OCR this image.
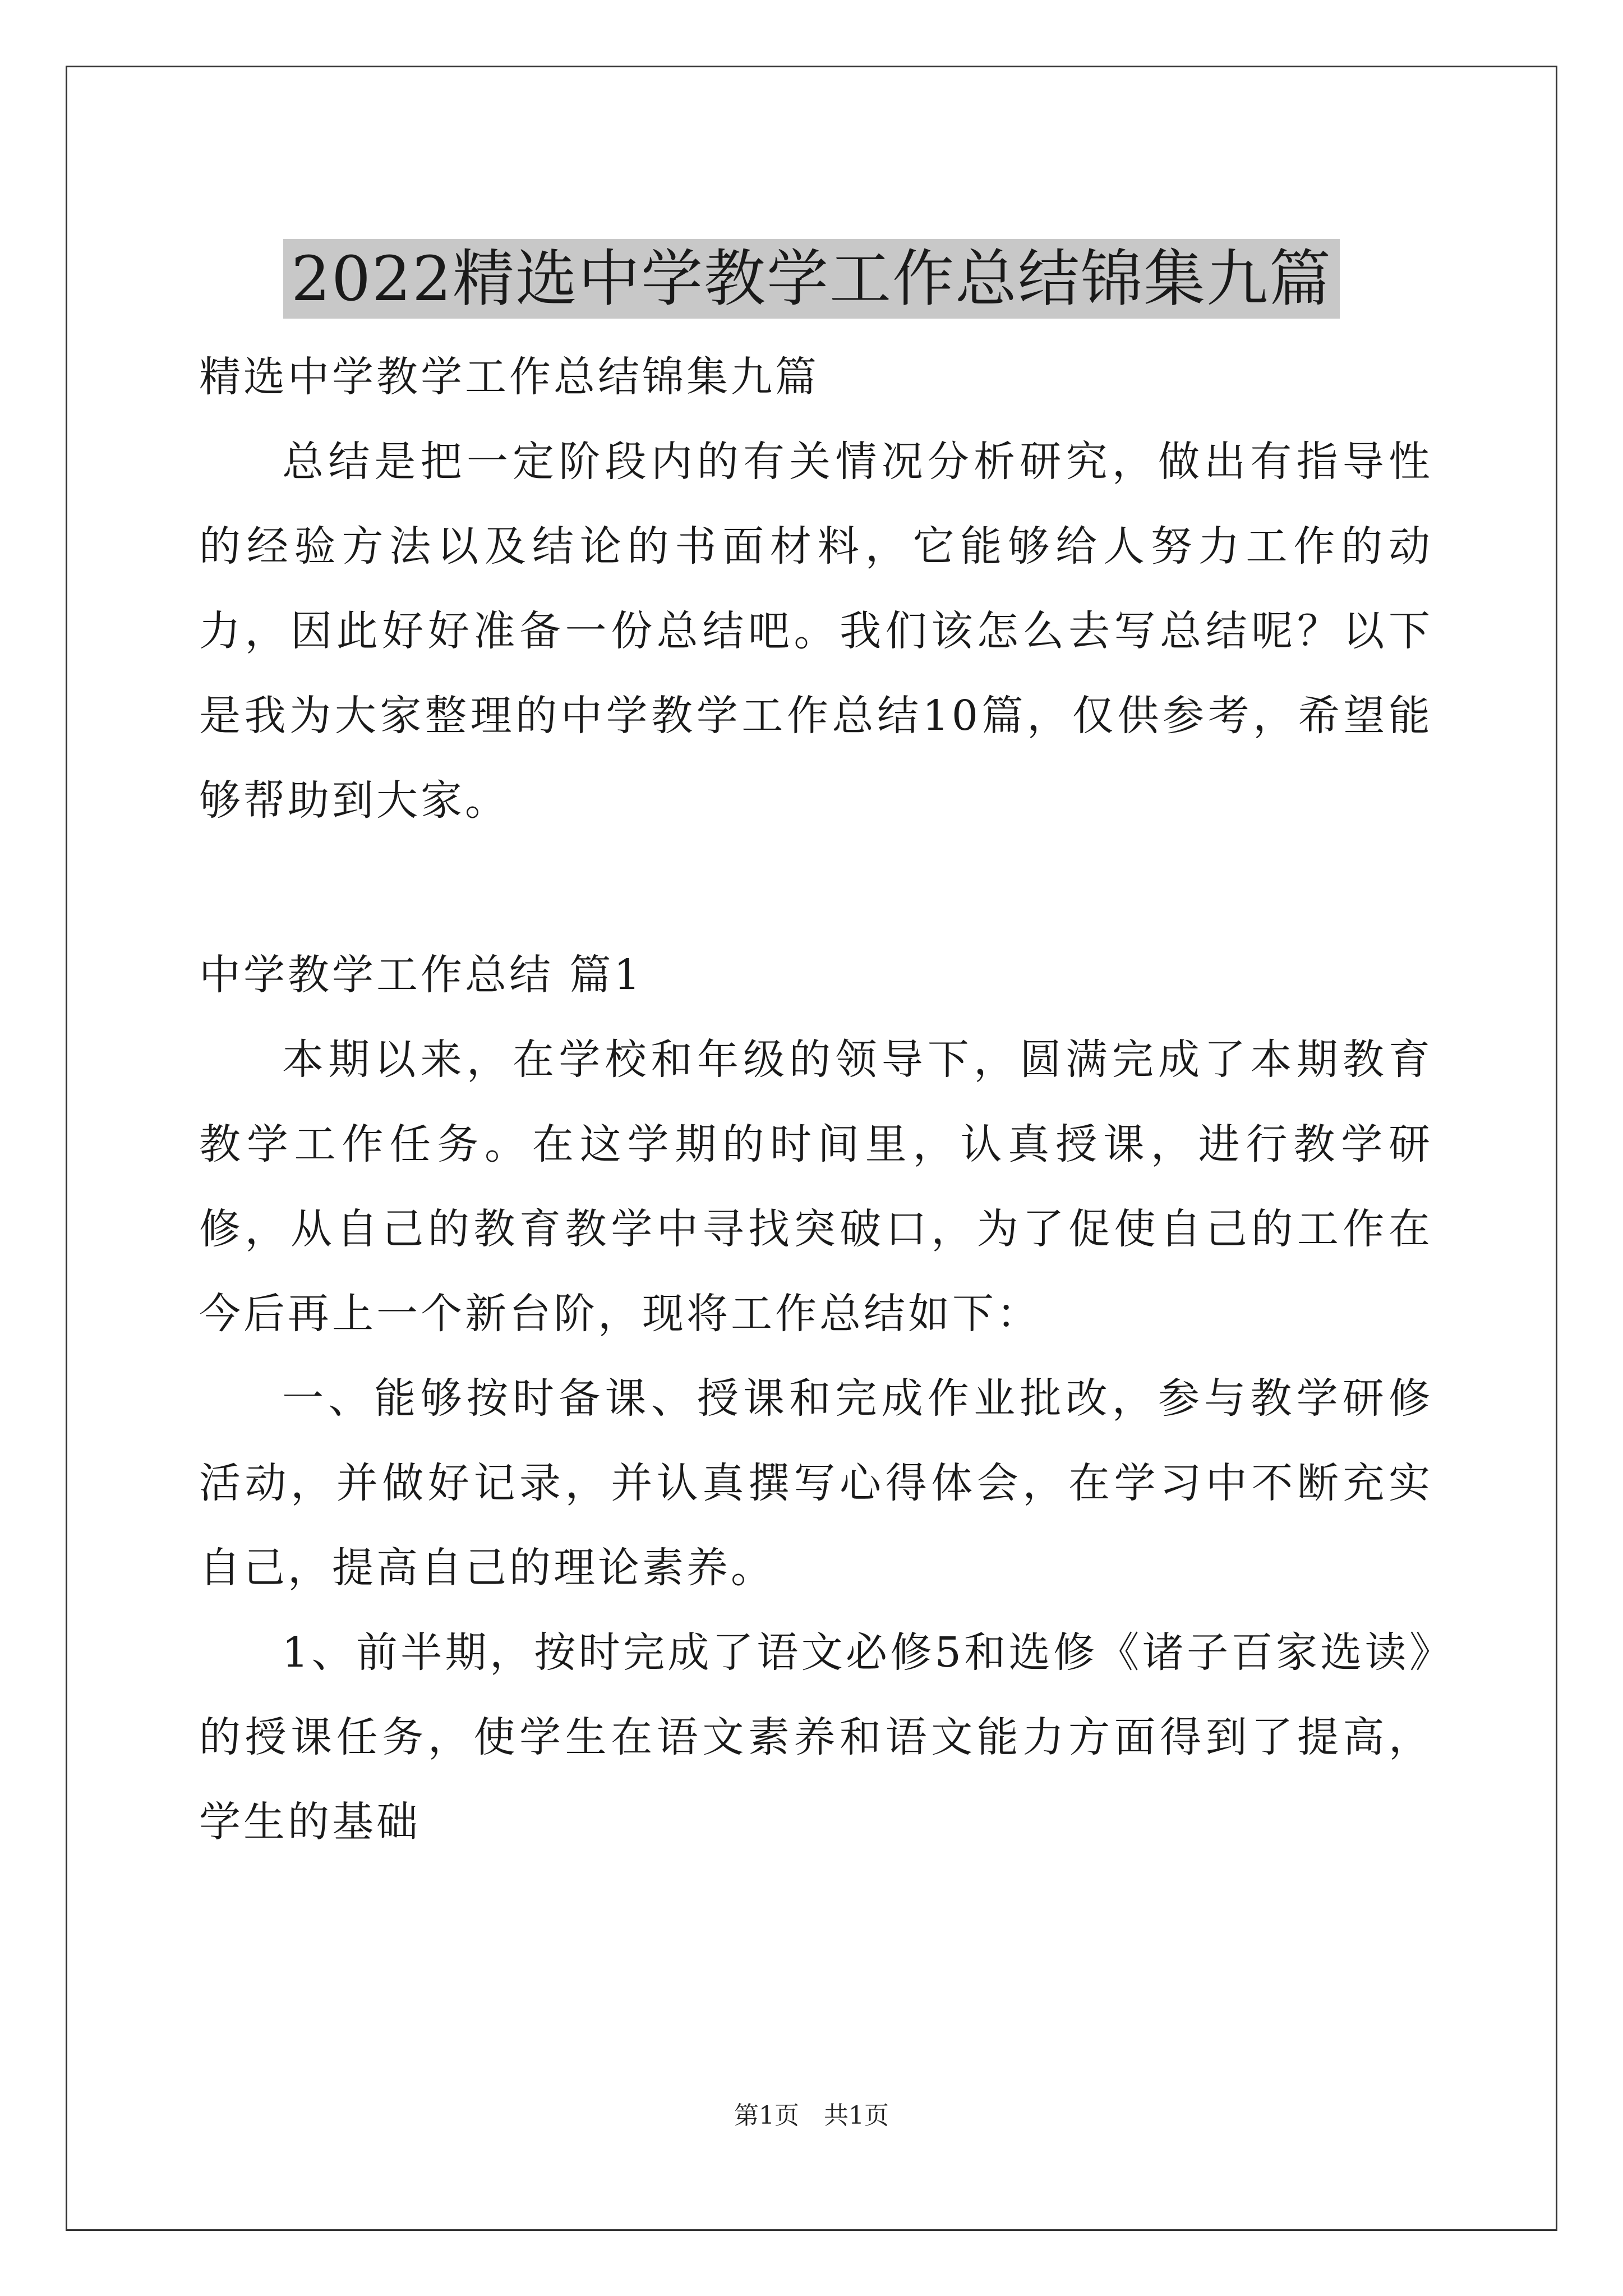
2022精选中学教学工作总结锦集九篇

精选中学教学工作总结锦集九篇

总结是把一定阶段内的有关情况分析研究，做出有指导性的经验方法以及结论的书面材料，它能够给人努力工作的动力，因此好好准备一份总结吧。我们该怎么去写总结呢？以下是我为大家整理的中学教学工作总结10篇，仅供参考，希望能够帮助到大家。

中学教学工作总结 篇1

本期以来，在学校和年级的领导下，圆满完成了本期教育教学工作任务。在这学期的时间里，认真授课，进行教学研修，从自己的教育教学中寻找突破口，为了促使自己的工作在今后再上一个新台阶，现将工作总结如下：

一、能够按时备课、授课和完成作业批改，参与教学研修活动，并做好记录，并认真撰写心得体会，在学习中不断充实自己，提高自己的理论素养。

1、前半期，按时完成了语文必修5和选修《诸子百家选读》的授课任务，使学生在语文素养和语文能力方面得到了提高，学生的基础

第1页　共1页
